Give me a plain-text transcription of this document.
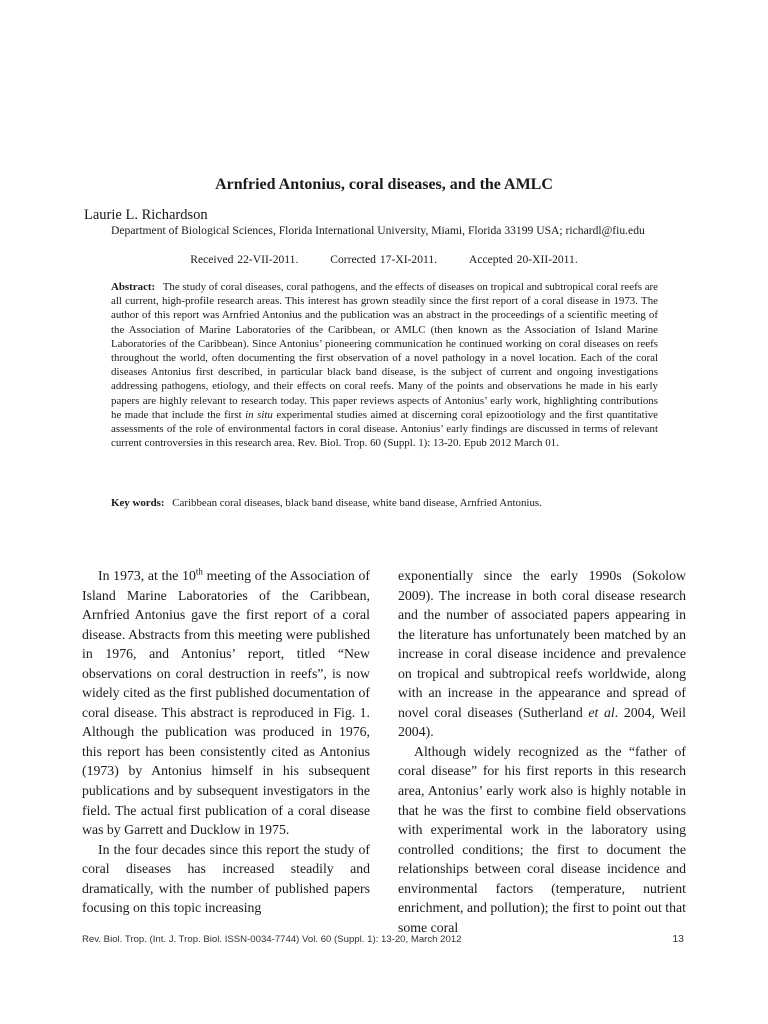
Arnfried Antonius, coral diseases, and the AMLC
Laurie L. Richardson
Department of Biological Sciences, Florida International University, Miami, Florida 33199 USA; richardl@fiu.edu
Received 22-VII-2011.	Corrected 17-XI-2011.	Accepted 20-XII-2011.
Abstract: The study of coral diseases, coral pathogens, and the effects of diseases on tropical and subtropical coral reefs are all current, high-profile research areas. This interest has grown steadily since the first report of a coral disease in 1973. The author of this report was Arnfried Antonius and the publication was an abstract in the proceedings of a scientific meeting of the Association of Marine Laboratories of the Caribbean, or AMLC (then known as the Association of Island Marine Laboratories of the Caribbean). Since Antonius’ pioneering communication he continued working on coral diseases on reefs throughout the world, often documenting the first observation of a novel pathology in a novel location. Each of the coral diseases Antonius first described, in particular black band disease, is the subject of current and ongoing investigations addressing pathogens, etiology, and their effects on coral reefs. Many of the points and observations he made in his early papers are highly relevant to research today. This paper reviews aspects of Antonius’ early work, highlighting contributions he made that include the first in situ experimental studies aimed at discerning coral epizootiology and the first quantitative assessments of the role of environmental factors in coral disease. Antonius’ early findings are discussed in terms of relevant current controversies in this research area. Rev. Biol. Trop. 60 (Suppl. 1): 13-20. Epub 2012 March 01.
Key words: Caribbean coral diseases, black band disease, white band disease, Arnfried Antonius.

In 1973, at the 10th meeting of the Association of Island Marine Laboratories of the Caribbean, Arnfried Antonius gave the first report of a coral disease. Abstracts from this meeting were published in 1976, and Antonius’ report, titled “New observations on coral destruction in reefs”, is now widely cited as the first published documentation of coral disease. This abstract is reproduced in Fig. 1. Although the publication was produced in 1976, this report has been consistently cited as Antonius (1973) by Antonius himself in his subsequent publications and by subsequent investigators in the field. The actual first publication of a coral disease was by Garrett and Ducklow in 1975.

In the four decades since this report the study of coral diseases has increased steadily and dramatically, with the number of published papers focusing on this topic increasing

exponentially since the early 1990s (Sokolow 2009). The increase in both coral disease research and the number of associated papers appearing in the literature has unfortunately been matched by an increase in coral disease incidence and prevalence on tropical and subtropical reefs worldwide, along with an increase in the appearance and spread of novel coral diseases (Sutherland et al. 2004, Weil 2004).

Although widely recognized as the “father of coral disease” for his first reports in this research area, Antonius’ early work also is highly notable in that he was the first to combine field observations with experimental work in the laboratory using controlled conditions; the first to document the relationships between coral disease incidence and environmental factors (temperature, nutrient enrichment, and pollution); the first to point out that some coral

Rev. Biol. Trop. (Int. J. Trop. Biol. ISSN-0034-7744) Vol. 60 (Suppl. 1): 13-20, March 2012	13
